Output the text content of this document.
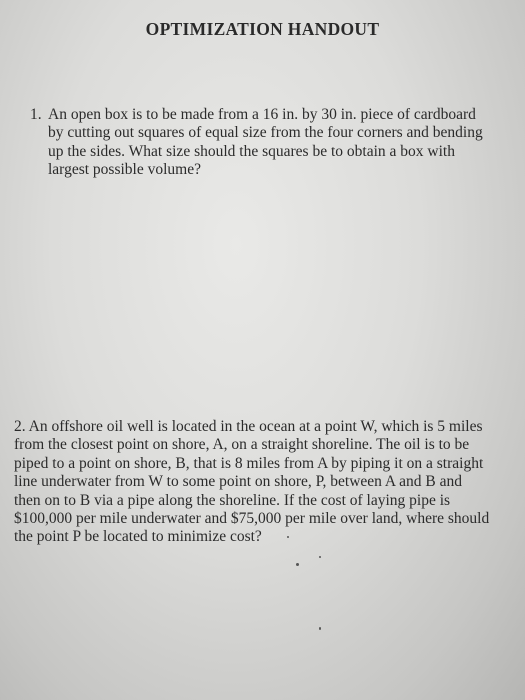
OPTIMIZATION HANDOUT
1. An open box is to be made from a 16 in. by 30 in. piece of cardboard
by cutting out squares of equal size from the four corners and bending
up the sides. What size should the squares be to obtain a box with
largest possible volume?
2. An offshore oil well is located in the ocean at a point W, which is 5 miles
from the closest point on shore, A, on a straight shoreline. The oil is to be
piped to a point on shore, B, that is 8 miles from A by piping it on a straight
line underwater from W to some point on shore, P, between A and B and
then on to B via a pipe along the shoreline. If the cost of laying pipe is
$100,000 per mile underwater and $75,000 per mile over land, where should
the point P be located to minimize cost?
